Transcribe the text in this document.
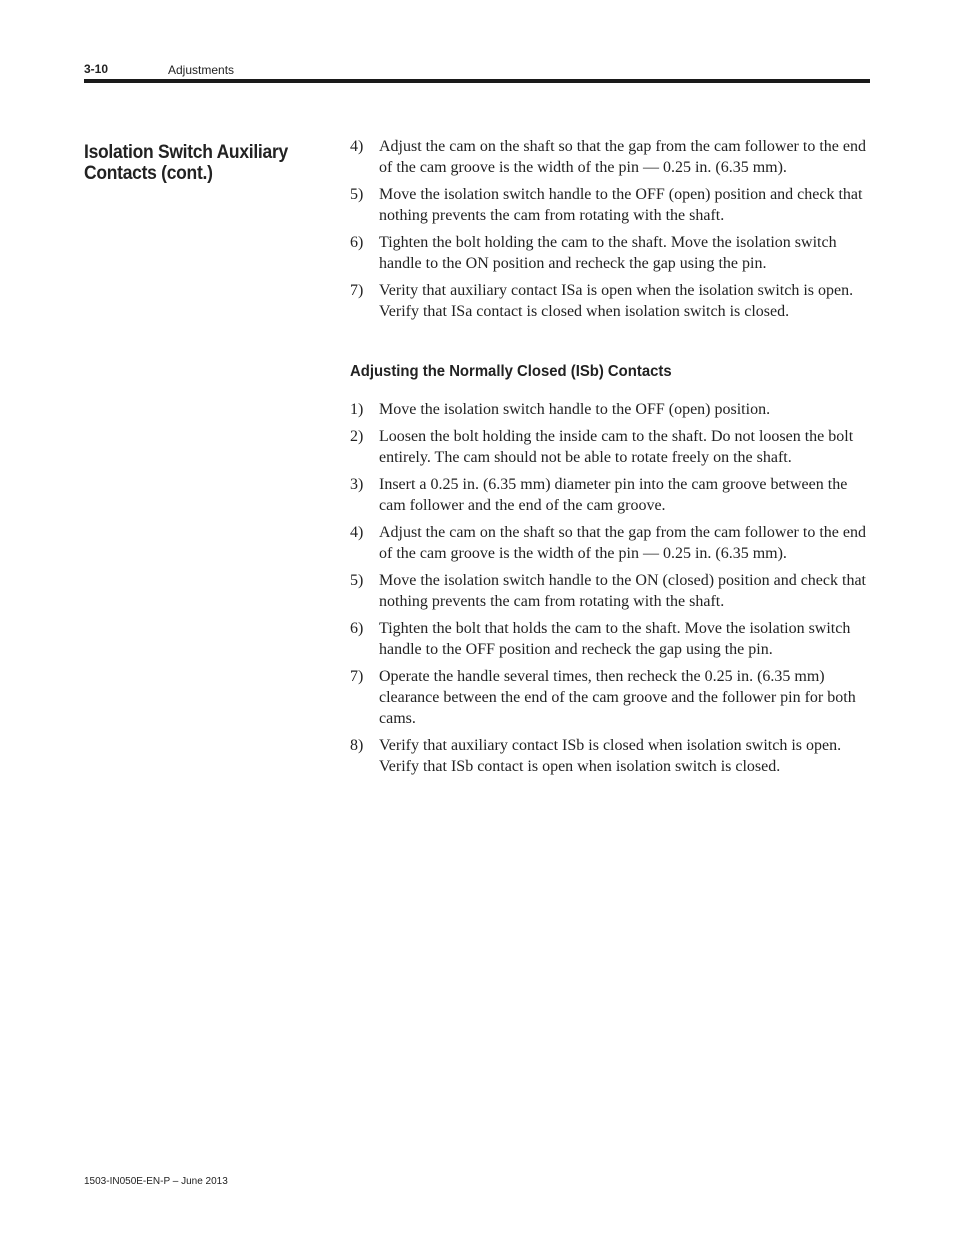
3-10	Adjustments
Isolation Switch Auxiliary
Contacts (cont.)
4) Adjust the cam on the shaft so that the gap from the cam follower to the end of the cam groove is the width of the pin — 0.25 in. (6.35 mm).
5) Move the isolation switch handle to the OFF (open) position and check that nothing prevents the cam from rotating with the shaft.
6) Tighten the bolt holding the cam to the shaft. Move the isolation switch handle to the ON position and recheck the gap using the pin.
7) Verity that auxiliary contact ISa is open when the isolation switch is open. Verify that ISa contact is closed when isolation switch is closed.
Adjusting the Normally Closed (ISb) Contacts
1) Move the isolation switch handle to the OFF (open) position.
2) Loosen the bolt holding the inside cam to the shaft. Do not loosen the bolt entirely. The cam should not be able to rotate freely on the shaft.
3) Insert a 0.25 in. (6.35 mm) diameter pin into the cam groove between the cam follower and the end of the cam groove.
4) Adjust the cam on the shaft so that the gap from the cam follower to the end of the cam groove is the width of the pin — 0.25 in. (6.35 mm).
5) Move the isolation switch handle to the ON (closed) position and check that nothing prevents the cam from rotating with the shaft.
6) Tighten the bolt that holds the cam to the shaft. Move the isolation switch handle to the OFF position and recheck the gap using the pin.
7) Operate the handle several times, then recheck the 0.25 in. (6.35 mm) clearance between the end of the cam groove and the follower pin for both cams.
8) Verify that auxiliary contact ISb is closed when isolation switch is open. Verify that ISb contact is open when isolation switch is closed.
1503-IN050E-EN-P – June 2013
